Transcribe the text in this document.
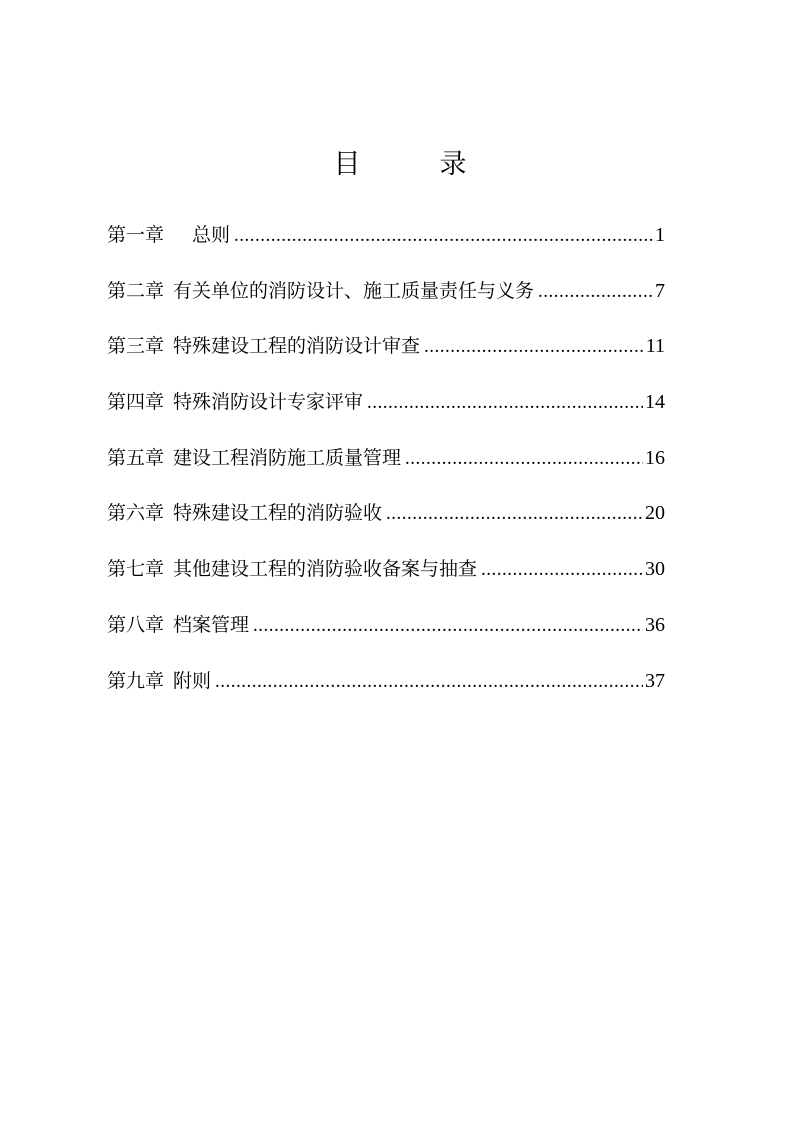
目　录
第一章 总则 .....	1
第二章 有关单位的消防设计、施工质量责任与义务 .....	7
第三章 特殊建设工程的消防设计审查 .....	11
第四章 特殊消防设计专家评审 .....	14
第五章 建设工程消防施工质量管理 .....	16
第六章 特殊建设工程的消防验收 .....	20
第七章 其他建设工程的消防验收备案与抽查 .....	30
第八章 档案管理 .....	36
第九章 附则 .....	37
